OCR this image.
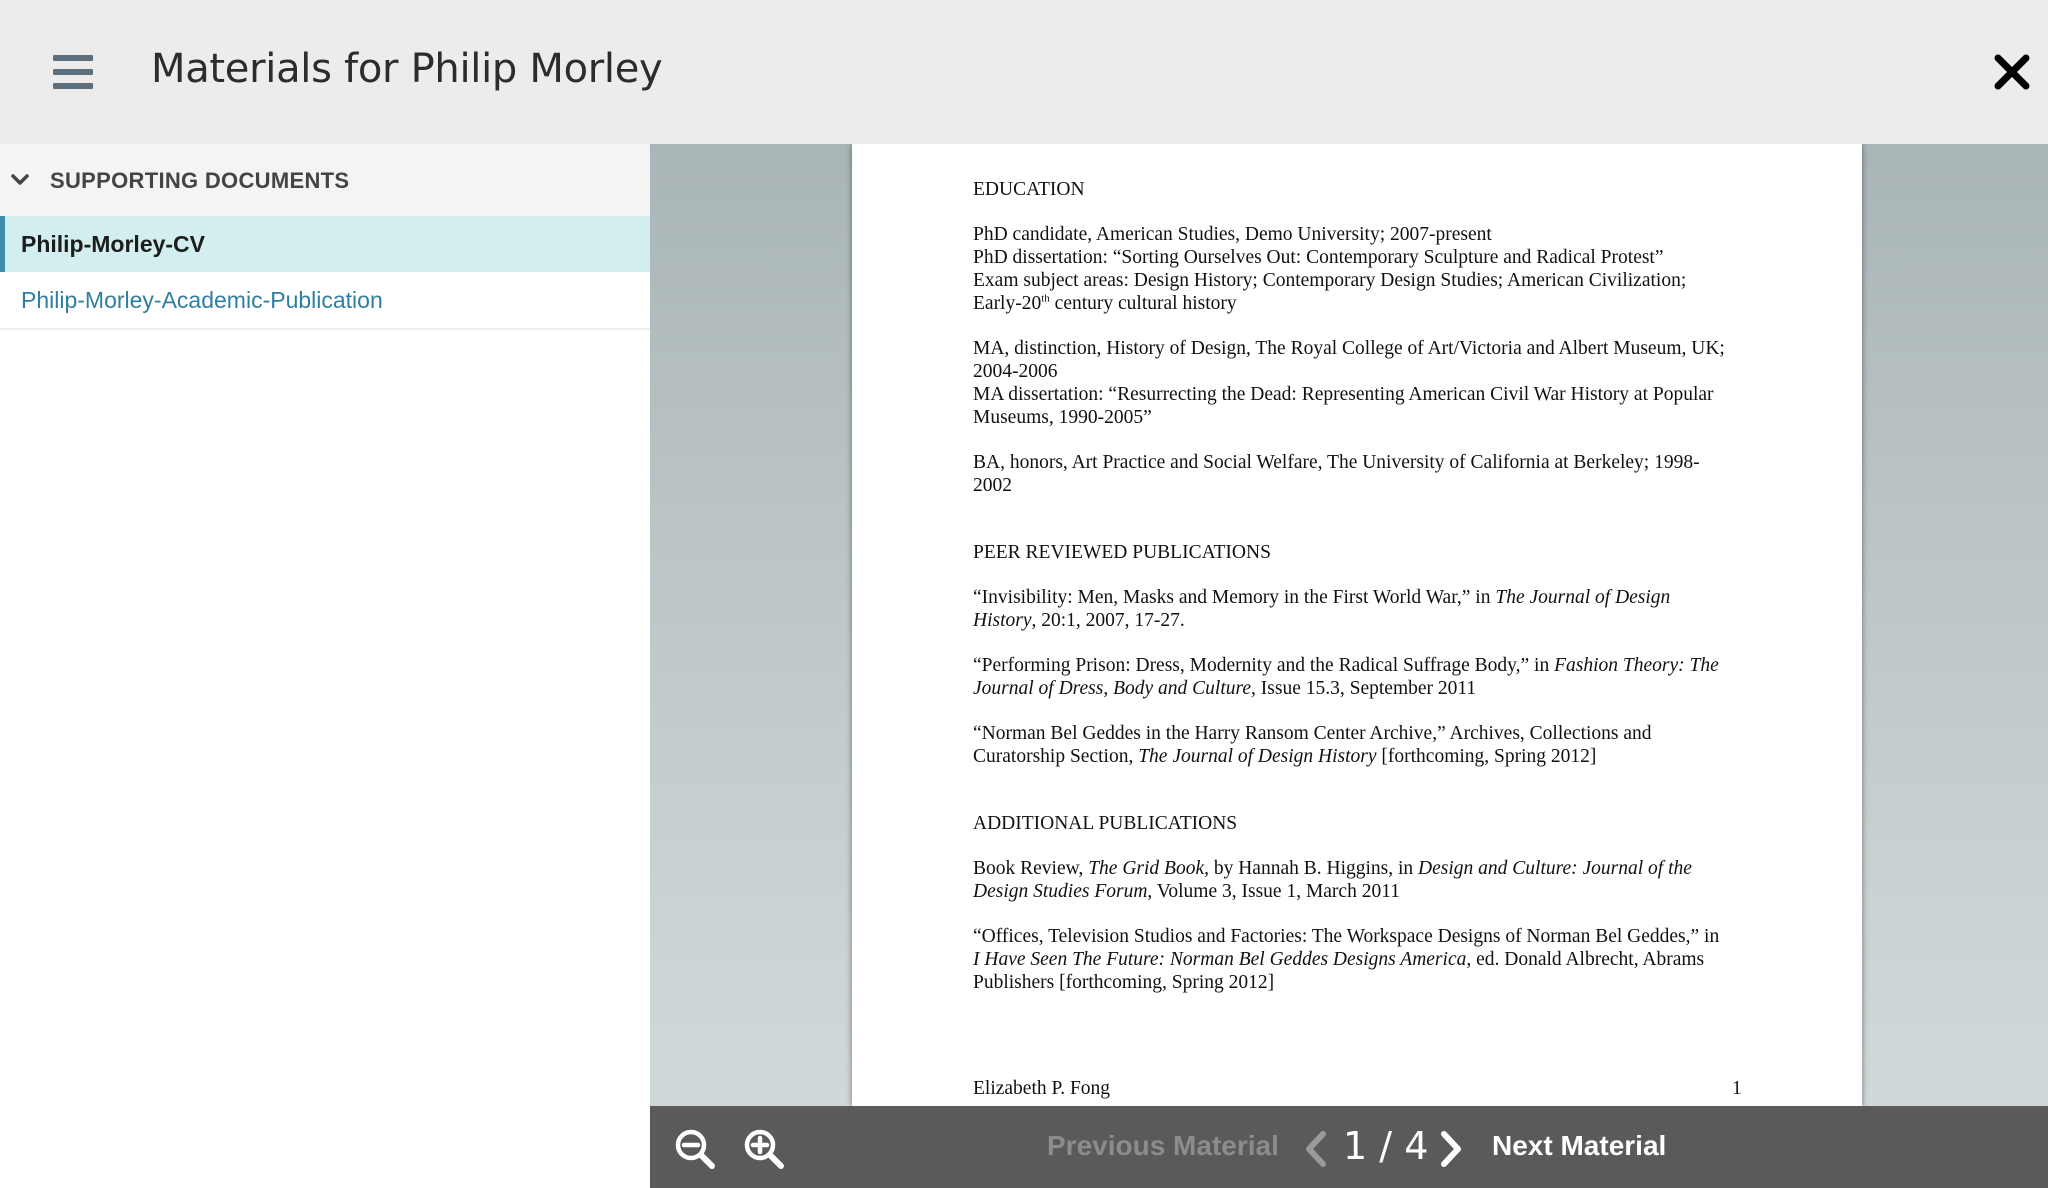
Materials for Philip Morley
SUPPORTING DOCUMENTS
Philip-Morley-CV
Philip-Morley-Academic-Publication
EDUCATION
PhD candidate, American Studies, Demo University; 2007-present
PhD dissertation: “Sorting Ourselves Out: Contemporary Sculpture and Radical Protest”
Exam subject areas: Design History; Contemporary Design Studies; American Civilization;
Early-20th century cultural history
MA, distinction, History of Design, The Royal College of Art/Victoria and Albert Museum, UK;
2004-2006
MA dissertation: “Resurrecting the Dead: Representing American Civil War History at Popular
Museums, 1990-2005”
BA, honors, Art Practice and Social Welfare, The University of California at Berkeley; 1998-
2002
PEER REVIEWED PUBLICATIONS
“Invisibility: Men, Masks and Memory in the First World War,” in The Journal of Design
History, 20:1, 2007, 17-27.
“Performing Prison: Dress, Modernity and the Radical Suffrage Body,” in Fashion Theory: The
Journal of Dress, Body and Culture, Issue 15.3, September 2011
“Norman Bel Geddes in the Harry Ransom Center Archive,” Archives, Collections and
Curatorship Section, The Journal of Design History [forthcoming, Spring 2012]
ADDITIONAL PUBLICATIONS
Book Review, The Grid Book, by Hannah B. Higgins, in Design and Culture: Journal of the
Design Studies Forum, Volume 3, Issue 1, March 2011
“Offices, Television Studios and Factories: The Workspace Designs of Norman Bel Geddes,” in
I Have Seen The Future: Norman Bel Geddes Designs America, ed. Donald Albrecht, Abrams
Publishers [forthcoming, Spring 2012]
Elizabeth P. Fong	1
Previous Material 1 / 4 Next Material
